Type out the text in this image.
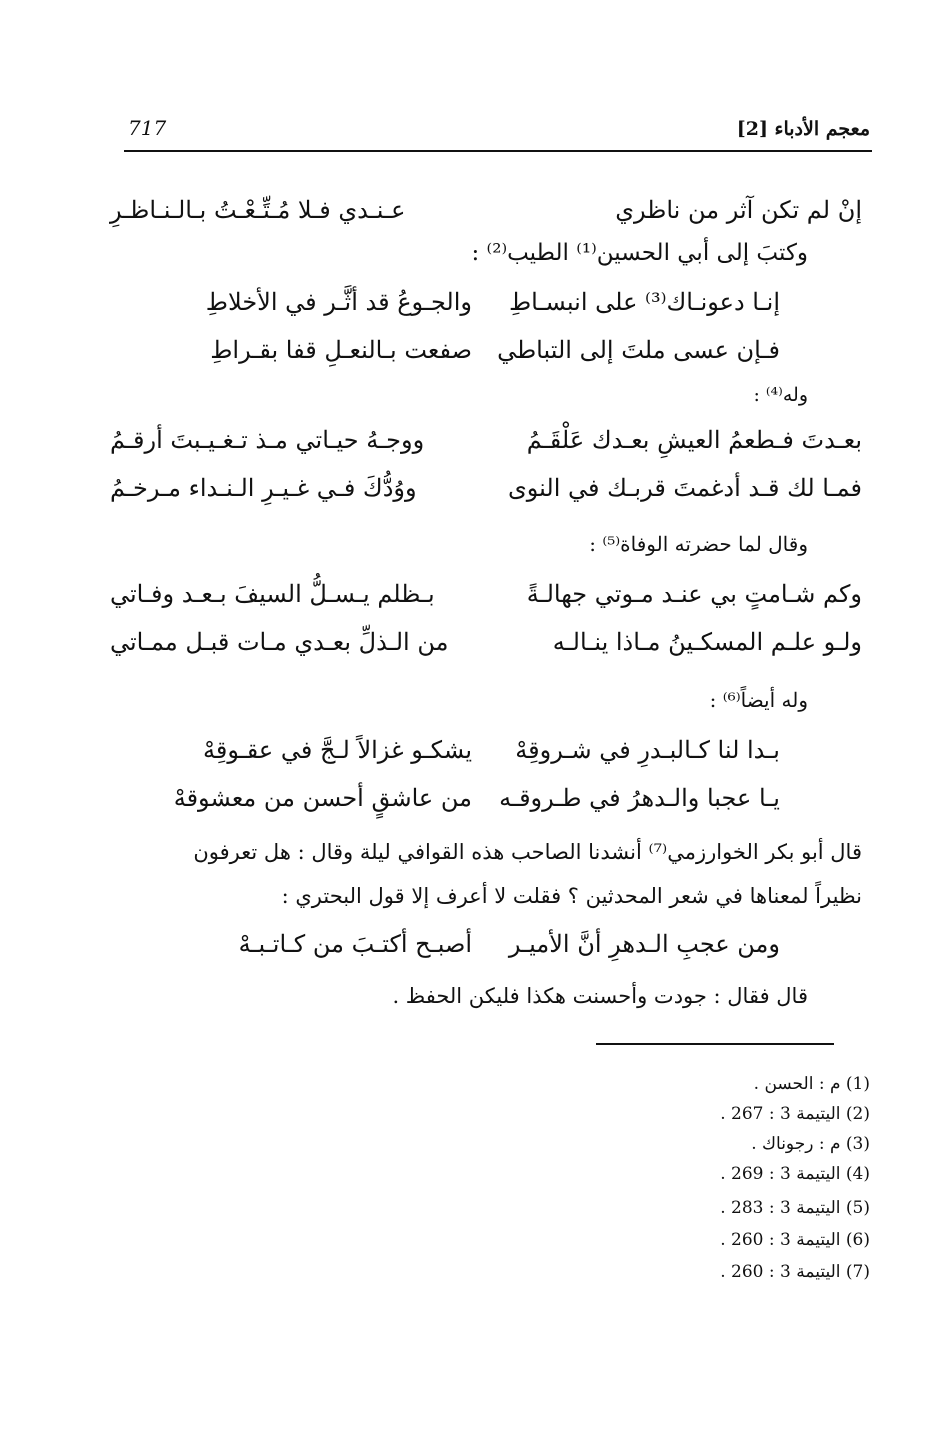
معجم الأدباء [2]
717
إنْ لم تكن آثر من ناظري
عـنـدي فـلا مُـتِّـعْـتُ بـالـنـاظـرِ
وكتبَ إلى أبي الحسين⁽¹⁾ الطيب⁽²⁾ :
إنـا دعونـاك⁽³⁾ على انبسـاطِ
والجـوعُ قد أثَّـر في الأخلاطِ
فـإن عسى ملتَ إلى التباطي
صفعت بـالنعـلِ قفا بقـراطِ
وله⁽⁴⁾ :
بعـدتَ فـطعمُ العيشِ بعـدك عَلْقَـمُ
ووجـهُ حيـاتي مـذ تـغـيـبتَ أرقـمُ
فمـا لك قـد أدغمتَ قربـك في النوى
ووُدُّكَ فـي غـيـرِ الـنـداء مـرخـمُ
وقال لما حضرته الوفاة⁽⁵⁾ :
وكم شـامتٍ بي عنـد مـوتي جهالـةً
بـظلم يـسـلُّ السيفَ بـعـد وفـاتي
ولـو علـم المسكـينُ مـاذا ينـالـه
من الـذلِّ بعـدي مـات قبـل ممـاتي
وله أيضاً⁽⁶⁾ :
بـدا لنا كـالبـدرِ في شـروقِهْ
يشكـو غزالاً لـجَّ في عقـوقِهْ
يـا عجبا والـدهرُ في طـروقـه
من عاشقٍ أحسن من معشوقهْ
قال أبو بكر الخوارزمي⁽⁷⁾ أنشدنا الصاحب هذه القوافي ليلة وقال : هل تعرفون
نظيراً لمعناها في شعر المحدثين ؟ فقلت لا أعرف إلا قول البحتري :
ومن عجبِ الـدهرِ أنَّ الأميـر
أصبـح أكتـبَ من كـاتـبـهْ
قال فقال : جودت وأحسنت هكذا فليكن الحفظ .
(1) م : الحسن .
(2) اليتيمة 3 : 267 .
(3) م : رجوناك .
(4) اليتيمة 3 : 269 .
(5) اليتيمة 3 : 283 .
(6) اليتيمة 3 : 260 .
(7) اليتيمة 3 : 260 .
